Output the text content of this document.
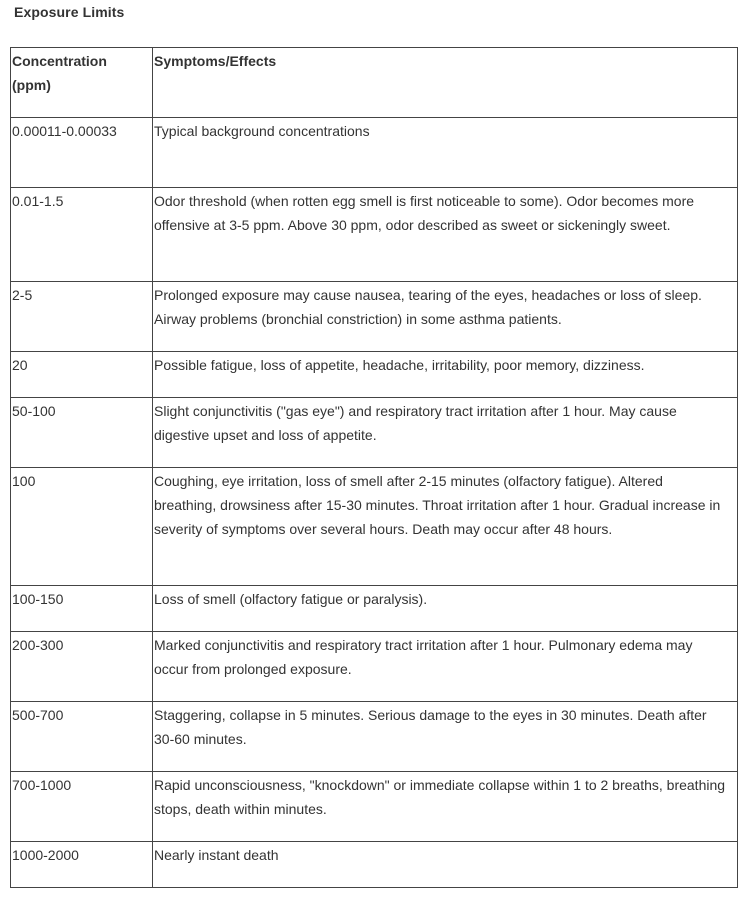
Exposure Limits
Concentration (ppm)	Symptoms/Effects
0.00011-0.00033	Typical background concentrations
0.01-1.5	Odor threshold (when rotten egg smell is first noticeable to some). Odor becomes more offensive at 3-5 ppm. Above 30 ppm, odor described as sweet or sickeningly sweet.
2-5	Prolonged exposure may cause nausea, tearing of the eyes, headaches or loss of sleep. Airway problems (bronchial constriction) in some asthma patients.
20	Possible fatigue, loss of appetite, headache, irritability, poor memory, dizziness.
50-100	Slight conjunctivitis ("gas eye") and respiratory tract irritation after 1 hour. May cause digestive upset and loss of appetite.
100	Coughing, eye irritation, loss of smell after 2-15 minutes (olfactory fatigue). Altered breathing, drowsiness after 15-30 minutes. Throat irritation after 1 hour. Gradual increase in severity of symptoms over several hours. Death may occur after 48 hours.
100-150	Loss of smell (olfactory fatigue or paralysis).
200-300	Marked conjunctivitis and respiratory tract irritation after 1 hour. Pulmonary edema may occur from prolonged exposure.
500-700	Staggering, collapse in 5 minutes. Serious damage to the eyes in 30 minutes. Death after 30-60 minutes.
700-1000	Rapid unconsciousness, "knockdown" or immediate collapse within 1 to 2 breaths, breathing stops, death within minutes.
1000-2000	Nearly instant death
